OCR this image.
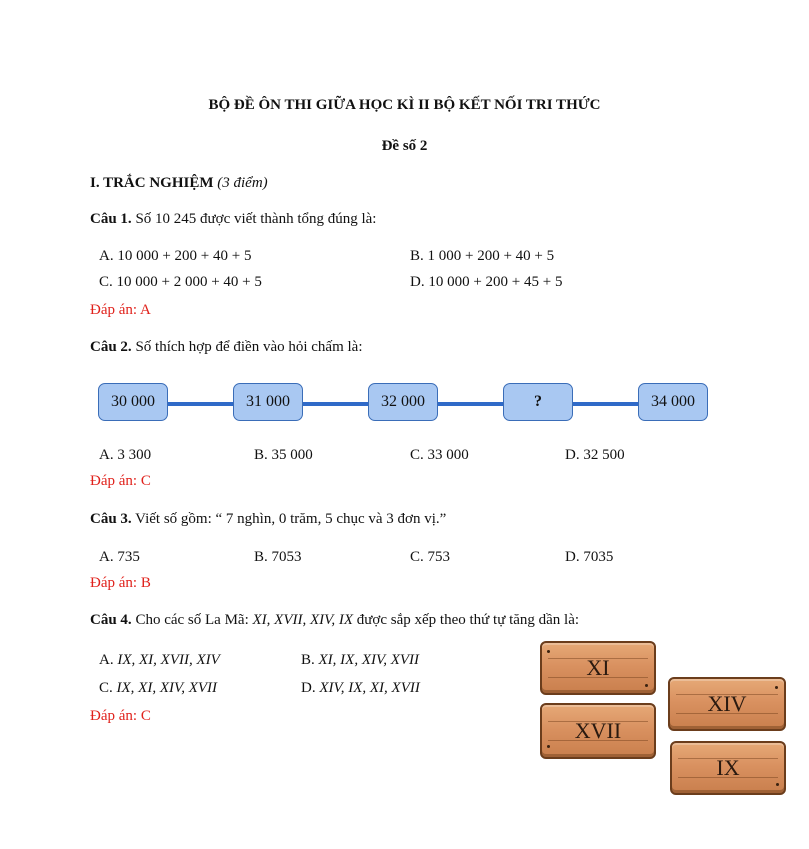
BỘ ĐỀ ÔN THI GIỮA HỌC KÌ II BỘ KẾT NỐI TRI THỨC
Đề số 2
I. TRẮC NGHIỆM (3 điểm)
Câu 1. Số 10 245 được viết thành tổng đúng là:
A. 10 000 + 200 + 40 + 5	B. 1 000 + 200 + 40 + 5
C. 10 000 + 2 000 + 40 + 5	D. 10 000 + 200 + 45 + 5
Đáp án: A
Câu 2. Số thích hợp để điền vào hỏi chấm là:
30 000	31 000	32 000	?	34 000
A. 3 300	B. 35 000	C. 33 000	D. 32 500
Đáp án: C
Câu 3. Viết số gồm: “ 7 nghìn, 0 trăm, 5 chục và 3 đơn vị.”
A. 735	B. 7053	C. 753	D. 7035
Đáp án: B
Câu 4. Cho các số La Mã: XI, XVII, XIV, IX được sắp xếp theo thứ tự tăng dần là:
A. IX, XI, XVII, XIV	B. XI, IX, XIV, XVII
C. IX, XI, XIV, XVII	D. XIV, IX, XI, XVII
Đáp án: C
XI
XIV
XVII
IX
